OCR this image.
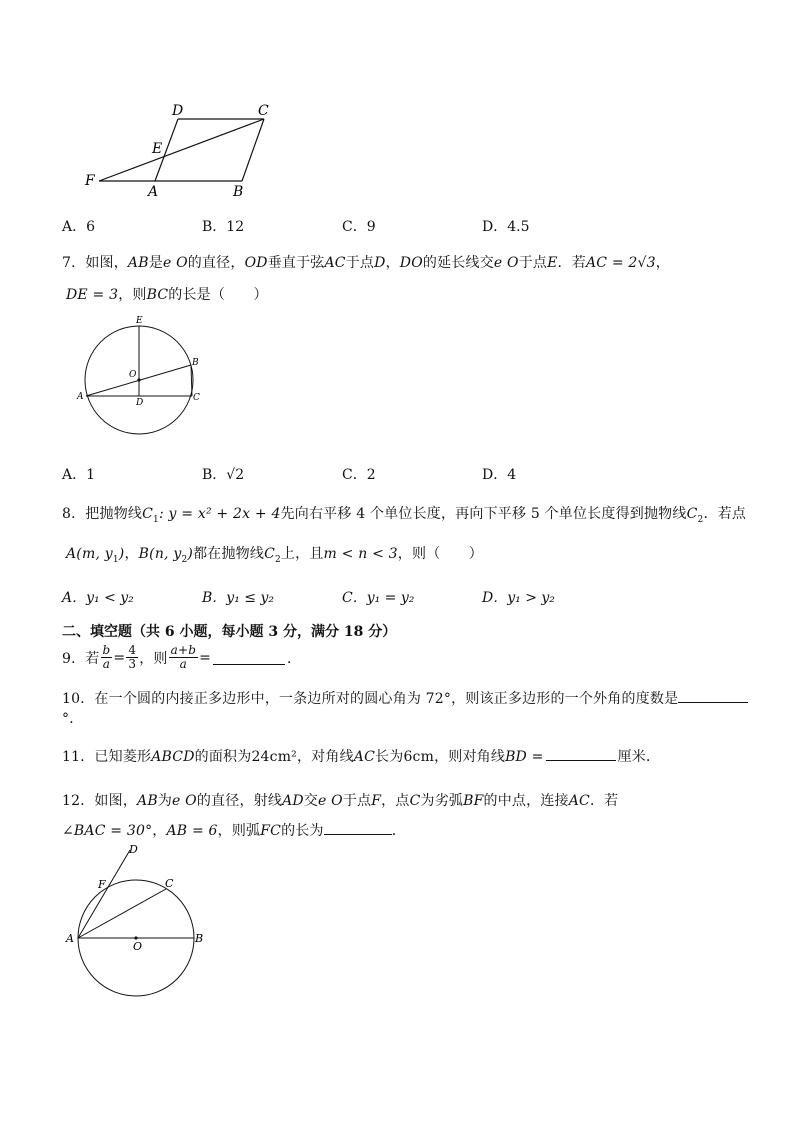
D	C
E
F
A	B
A．6	B．12	C．9	D．4.5
7．如图，AB是e O的直径，OD垂直于弦AC于点D，DO的延长线交e O于点E．若AC = 2√3，
DE = 3，则BC的长是（　　）
E
O
B
A
D	C
A．1	B．√2	C．2	D．4
8．把抛物线$C_1$: y = x² + 2x + 4先向右平移 4 个单位长度，再向下平移 5 个单位长度得到抛物线$C_2$．若点
A(m, $y_1$)，B(n, $y_2$)都在抛物线$C_2$上，且m < n < 3，则（　　）
A．y₁ < y₂	B．y₁ ≤ y₂	C．y₁ = y₂	D．y₁ > y₂
二、填空题（共 6 小题，每小题 3 分，满分 18 分）
9．若 $\frac{b}{a} = \frac{4}{3}$ ，则 $\frac{a+b}{a}$ =	．
10．在一个圆的内接正多边形中，一条边所对的圆心角为 72°，则该正多边形的一个外角的度数是
°．
11．已知菱形ABCD的面积为24cm²，对角线AC长为6cm，则对角线BD =	厘米．
12．如图，AB为e O的直径，射线AD交e O于点F，点C为劣弧BF的中点，连接AC．若
∠BAC = 30°，AB = 6，则弧FC的长为	．
D
F	C
A
O
B
